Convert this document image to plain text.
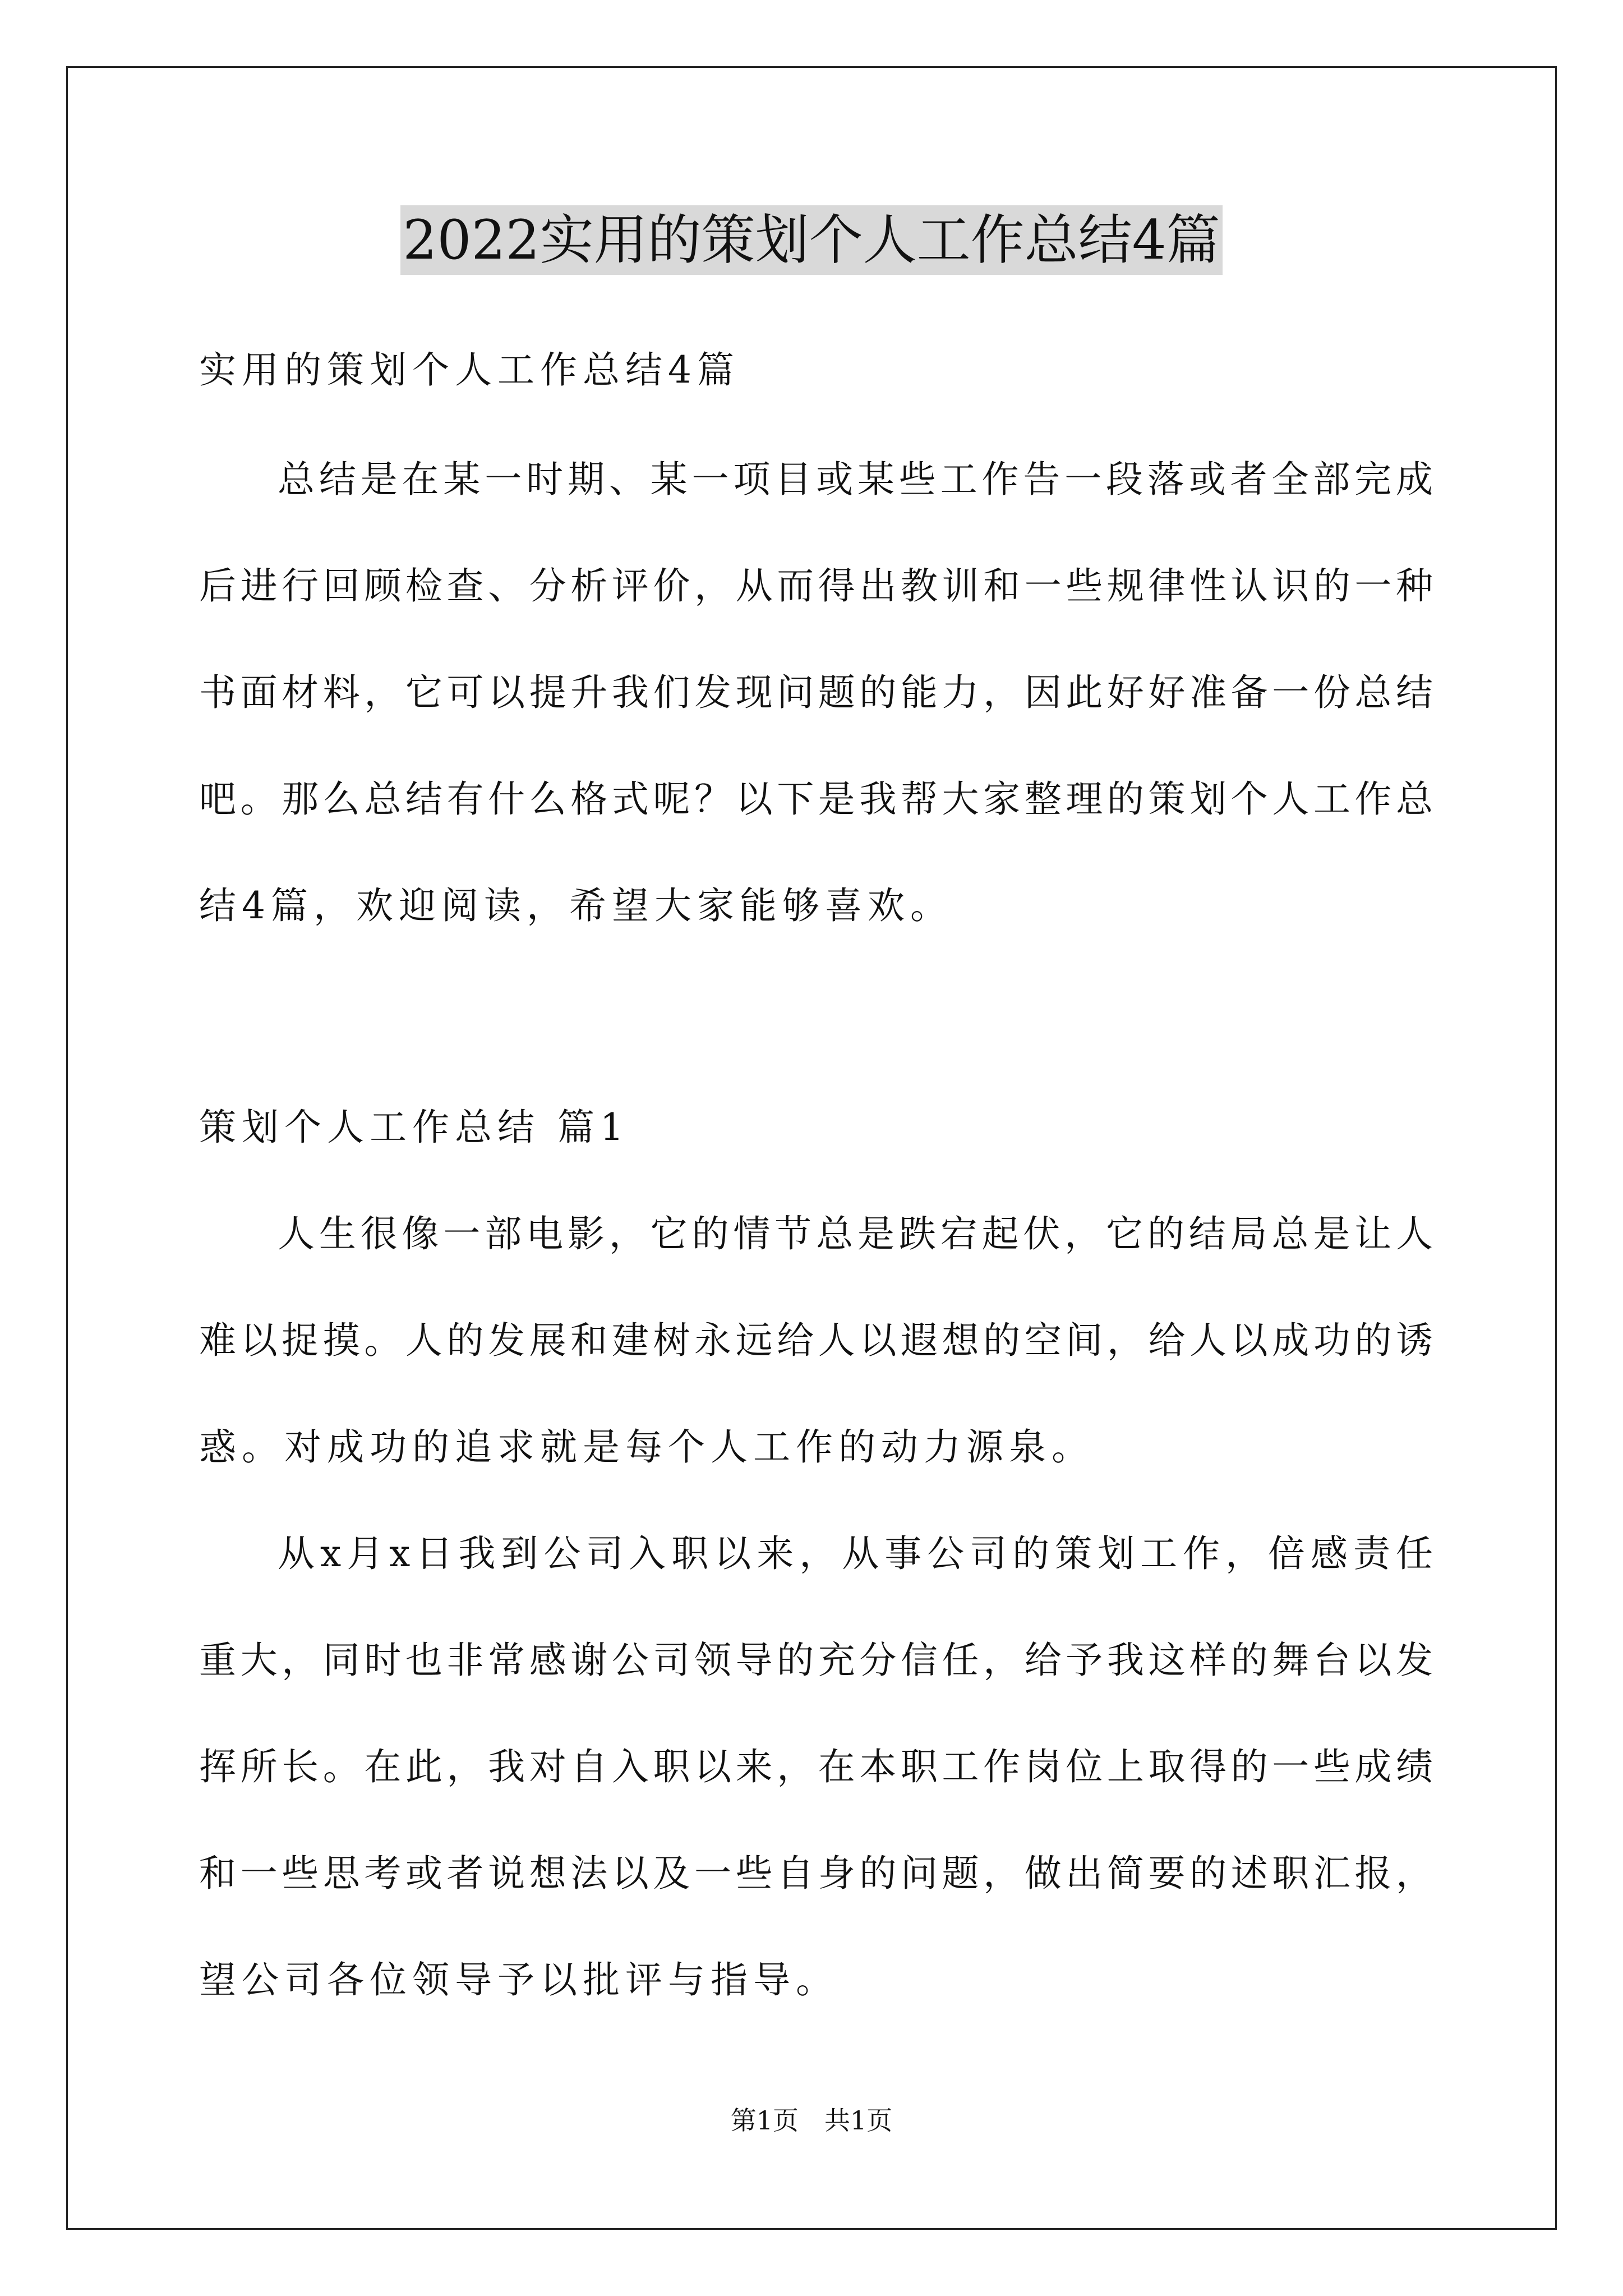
2022实用的策划个人工作总结4篇

实用的策划个人工作总结4篇

总结是在某一时期、某一项目或某些工作告一段落或者全部完成

后进行回顾检查、分析评价，从而得出教训和一些规律性认识的一种

书面材料，它可以提升我们发现问题的能力，因此好好准备一份总结

吧。那么总结有什么格式呢？以下是我帮大家整理的策划个人工作总

结4篇，欢迎阅读，希望大家能够喜欢。

策划个人工作总结 篇1

人生很像一部电影，它的情节总是跌宕起伏，它的结局总是让人

难以捉摸。人的发展和建树永远给人以遐想的空间，给人以成功的诱

惑。对成功的追求就是每个人工作的动力源泉。

从x月x日我到公司入职以来，从事公司的策划工作，倍感责任

重大，同时也非常感谢公司领导的充分信任，给予我这样的舞台以发

挥所长。在此，我对自入职以来，在本职工作岗位上取得的一些成绩

和一些思考或者说想法以及一些自身的问题，做出简要的述职汇报，

望公司各位领导予以批评与指导。

第1页　共1页
